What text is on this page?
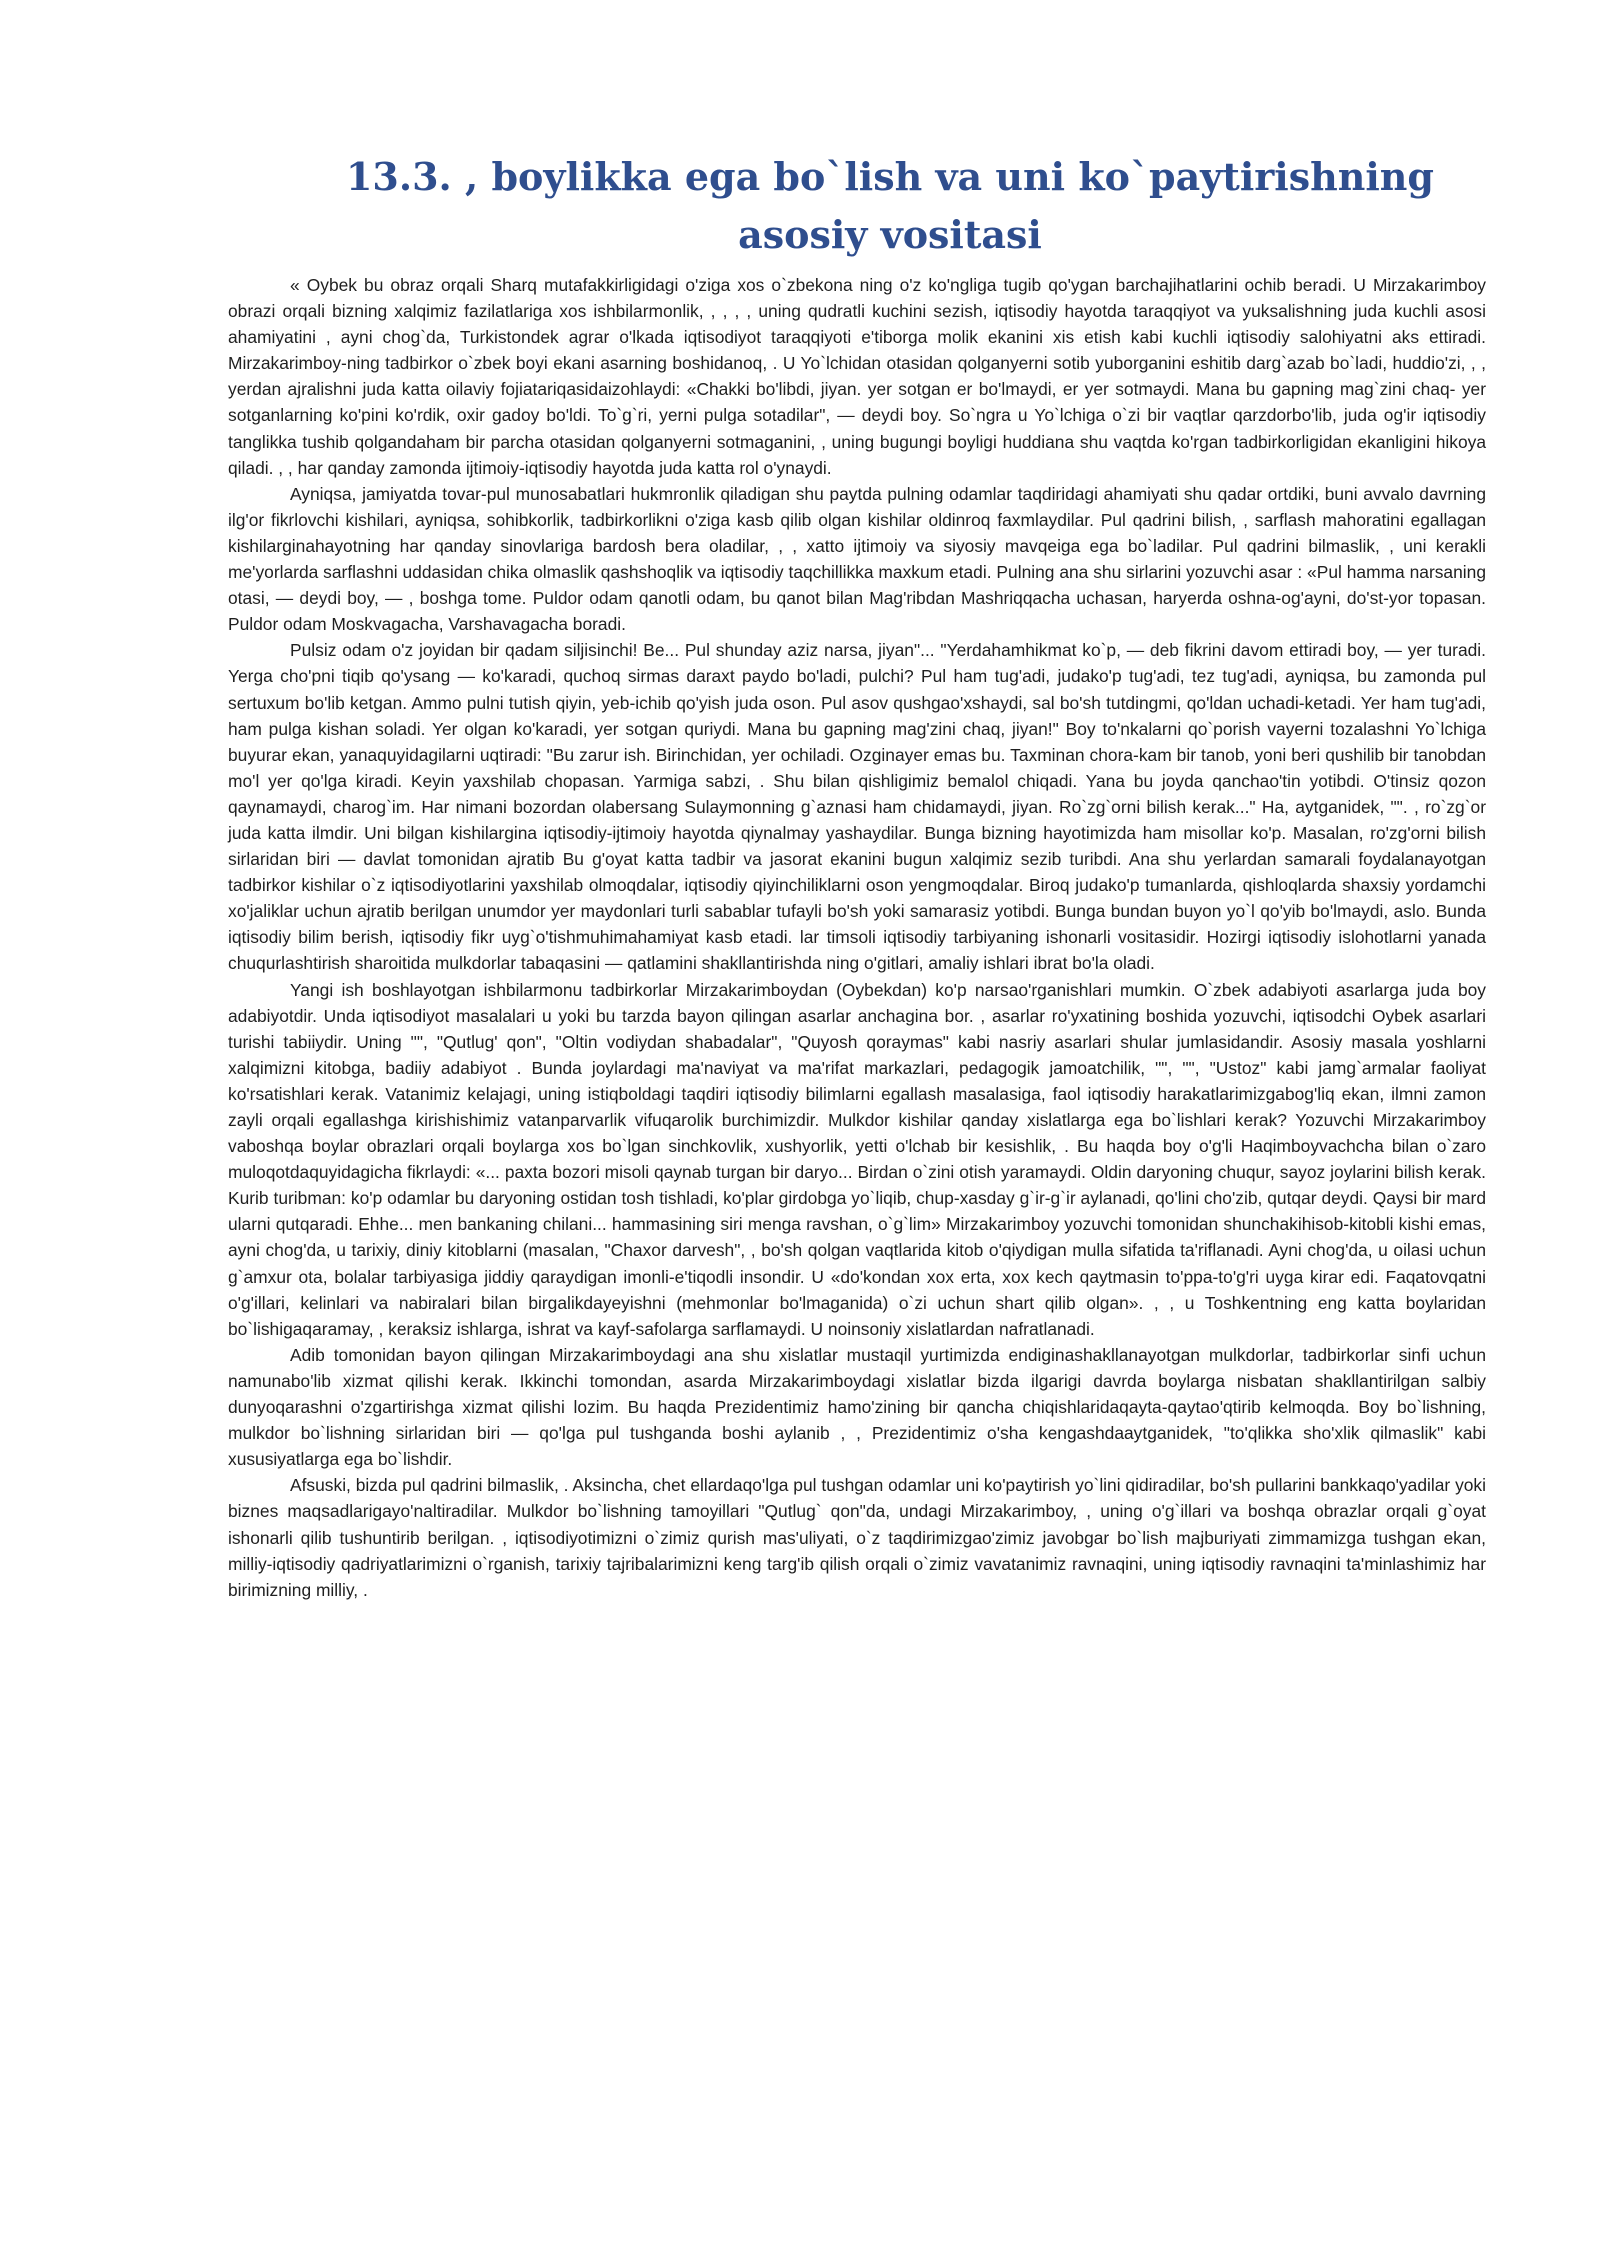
13.3. , boylikka ega bo`lish va uni ko`paytirishning asosiy vositasi

« Oybek bu obraz orqali Sharq mutafakkirligidagi o'ziga xos o`zbekona ning o'z ko'ngliga tugib qo'ygan barchajihatlarini ochib beradi. U Mirzakarimboy obrazi orqali bizning xalqimiz fazilatlariga xos ishbilarmonlik, , , , , uning qudratli kuchini sezish, iqtisodiy hayotda taraqqiyot va yuksalishning juda kuchli asosi ahamiyatini , ayni chog`da, Turkistondek agrar o'lkada iqtisodiyot taraqqiyoti e'tiborga molik ekanini xis etish kabi kuchli iqtisodiy salohiyatni aks ettiradi. Mirzakarimboy-ning tadbirkor o`zbek boyi ekani asarning boshidanoq, . U Yo`lchidan otasidan qolganyerni sotib yuborganini eshitib darg`azab bo`ladi, huddio'zi, , , yerdan ajralishni juda katta oilaviy fojiatariqasidaizohlaydi: «Chakki bo'libdi, jiyan. yer sotgan er bo'lmaydi, er yer sotmaydi. Mana bu gapning mag`zini chaq- yer sotganlarning ko'pini ko'rdik, oxir gadoy bo'ldi. To`g`ri, yerni pulga sotadilar", — deydi boy. So`ngra u Yo`lchiga o`zi bir vaqtlar qarzdorbo'lib, juda og'ir iqtisodiy tanglikka tushib qolgandaham bir parcha otasidan qolganyerni sotmaganini, , uning bugungi boyligi huddiana shu vaqtda ko'rgan tadbirkorligidan ekanligini hikoya qiladi. , , har qanday zamonda ijtimoiy-iqtisodiy hayotda juda katta rol o'ynaydi.

Ayniqsa, jamiyatda tovar-pul munosabatlari hukmronlik qiladigan shu paytda pulning odamlar taqdiridagi ahamiyati shu qadar ortdiki, buni avvalo davrning ilg'or fikrlovchi kishilari, ayniqsa, sohibkorlik, tadbirkorlikni o'ziga kasb qilib olgan kishilar oldinroq faxmlaydilar. Pul qadrini bilish, , sarflash mahoratini egallagan kishilarginahayotning har qanday sinovlariga bardosh bera oladilar, , , xatto ijtimoiy va siyosiy mavqeiga ega bo`ladilar. Pul qadrini bilmaslik, , uni kerakli me'yorlarda sarflashni uddasidan chika olmaslik qashshoqlik va iqtisodiy taqchillikka maxkum etadi. Pulning ana shu sirlarini yozuvchi asar : «Pul hamma narsaning otasi, — deydi boy, — , boshga tome. Puldor odam qanotli odam, bu qanot bilan Mag'ribdan Mashriqqacha uchasan, haryerda oshna-og'ayni, do'st-yor topasan. Puldor odam Moskvagacha, Varshavagacha boradi.

Pulsiz odam o'z joyidan bir qadam siljisinchi! Be... Pul shunday aziz narsa, jiyan"... "Yerdahamhikmat ko`p, — deb fikrini davom ettiradi boy, — yer turadi. Yerga cho'pni tiqib qo'ysang — ko'karadi, quchoq sirmas daraxt paydo bo'ladi, pulchi? Pul ham tug'adi, judako'p tug'adi, tez tug'adi, ayniqsa, bu zamonda pul sertuxum bo'lib ketgan. Ammo pulni tutish qiyin, yeb-ichib qo'yish juda oson. Pul asov qushgao'xshaydi, sal bo'sh tutdingmi, qo'ldan uchadi-ketadi. Yer ham tug'adi, ham pulga kishan soladi. Yer olgan ko'karadi, yer sotgan quriydi. Mana bu gapning mag'zini chaq, jiyan!" Boy to'nkalarni qo`porish vayerni tozalashni Yo`lchiga buyurar ekan, yanaquyidagilarni uqtiradi: "Bu zarur ish. Birinchidan, yer ochiladi. Ozginayer emas bu. Taxminan chora-kam bir tanob, yoni beri qushilib bir tanobdan mo'l yer qo'lga kiradi. Keyin yaxshilab chopasan. Yarmiga sabzi, . Shu bilan qishligimiz bemalol chiqadi. Yana bu joyda qanchao'tin yotibdi. O'tinsiz qozon qaynamaydi, charog`im. Har nimani bozordan olabersang Sulaymonning g`aznasi ham chidamaydi, jiyan. Ro`zg`orni bilish kerak..." Ha, aytganidek, "". , ro`zg`or juda katta ilmdir. Uni bilgan kishilargina iqtisodiy-ijtimoiy hayotda qiynalmay yashaydilar. Bunga bizning hayotimizda ham misollar ko'p. Masalan, ro'zg'orni bilish sirlaridan biri — davlat tomonidan ajratib Bu g'oyat katta tadbir va jasorat ekanini bugun xalqimiz sezib turibdi. Ana shu yerlardan samarali foydalanayotgan tadbirkor kishilar o`z iqtisodiyotlarini yaxshilab olmoqdalar, iqtisodiy qiyinchiliklarni oson yengmoqdalar. Biroq judako'p tumanlarda, qishloqlarda shaxsiy yordamchi xo'jaliklar uchun ajratib berilgan unumdor yer maydonlari turli sabablar tufayli bo'sh yoki samarasiz yotibdi. Bunga bundan buyon yo`l qo'yib bo'lmaydi, aslo. Bunda iqtisodiy bilim berish, iqtisodiy fikr uyg`o'tishmuhimahamiyat kasb etadi. lar timsoli iqtisodiy tarbiyaning ishonarli vositasidir. Hozirgi iqtisodiy islohotlarni yanada chuqurlashtirish sharoitida mulkdorlar tabaqasini — qatlamini shakllantirishda ning o'gitlari, amaliy ishlari ibrat bo'la oladi.

Yangi ish boshlayotgan ishbilarmonu tadbirkorlar Mirzakarimboydan (Oybekdan) ko'p narsao'rganishlari mumkin. O`zbek adabiyoti asarlarga juda boy adabiyotdir. Unda iqtisodiyot masalalari u yoki bu tarzda bayon qilingan asarlar anchagina bor. , asarlar ro'yxatining boshida yozuvchi, iqtisodchi Oybek asarlari turishi tabiiydir. Uning "", "Qutlug' qon", "Oltin vodiydan shabadalar", "Quyosh qoraymas" kabi nasriy asarlari shular jumlasidandir. Asosiy masala yoshlarni xalqimizni kitobga, badiiy adabiyot . Bunda joylardagi ma'naviyat va ma'rifat markazlari, pedagogik jamoatchilik, "", "", "Ustoz" kabi jamg`armalar faoliyat ko'rsatishlari kerak. Vatanimiz kelajagi, uning istiqboldagi taqdiri iqtisodiy bilimlarni egallash masalasiga, faol iqtisodiy harakatlarimizgabog'liq ekan, ilmni zamon zayli orqali egallashga kirishishimiz vatanparvarlik vifuqarolik burchimizdir. Mulkdor kishilar qanday xislatlarga ega bo`lishlari kerak? Yozuvchi Mirzakarimboy vaboshqa boylar obrazlari orqali boylarga xos bo`lgan sinchkovlik, xushyorlik, yetti o'lchab bir kesishlik, . Bu haqda boy o'g'li Haqimboyvachcha bilan o`zaro muloqotdaquyidagicha fikrlaydi: «... paxta bozori misoli qaynab turgan bir daryo... Birdan o`zini otish yaramaydi. Oldin daryoning chuqur, sayoz joylarini bilish kerak. Kurib turibman: ko'p odamlar bu daryoning ostidan tosh tishladi, ko'plar girdobga yo`liqib, chup-xasday g`ir-g`ir aylanadi, qo'lini cho'zib, qutqar deydi. Qaysi bir mard ularni qutqaradi. Ehhe... men bankaning chilani... hammasining siri menga ravshan, o`g`lim» Mirzakarimboy yozuvchi tomonidan shunchakihisob-kitobli kishi emas, ayni chog'da, u tarixiy, diniy kitoblarni (masalan, "Chaxor darvesh", , bo'sh qolgan vaqtlarida kitob o'qiydigan mulla sifatida ta'riflanadi. Ayni chog'da, u oilasi uchun g`amxur ota, bolalar tarbiyasiga jiddiy qaraydigan imonli-e'tiqodli insondir. U «do'kondan xox erta, xox kech qaytmasin to'ppa-to'g'ri uyga kirar edi. Faqatovqatni o'g'illari, kelinlari va nabiralari bilan birgalikdayeyishni (mehmonlar bo'lmaganida) o`zi uchun shart qilib olgan». , , u Toshkentning eng katta boylaridan bo`lishigaqaramay, , keraksiz ishlarga, ishrat va kayf-safolarga sarflamaydi. U noinsoniy xislatlardan nafratlanadi.

Adib tomonidan bayon qilingan Mirzakarimboydagi ana shu xislatlar mustaqil yurtimizda endiginashakllanayotgan mulkdorlar, tadbirkorlar sinfi uchun namunabo'lib xizmat qilishi kerak. Ikkinchi tomondan, asarda Mirzakarimboydagi xislatlar bizda ilgarigi davrda boylarga nisbatan shakllantirilgan salbiy dunyoqarashni o'zgartirishga xizmat qilishi lozim. Bu haqda Prezidentimiz hamo'zining bir qancha chiqishlaridaqayta-qaytao'qtirib kelmoqda. Boy bo`lishning, mulkdor bo`lishning sirlaridan biri — qo'lga pul tushganda boshi aylanib , , Prezidentimiz o'sha kengashdaaytganidek, "to'qlikka sho'xlik qilmaslik" kabi xususiyatlarga ega bo`lishdir.

Afsuski, bizda pul qadrini bilmaslik, . Aksincha, chet ellardaqo'lga pul tushgan odamlar uni ko'paytirish yo`lini qidiradilar, bo'sh pullarini bankkaqo'yadilar yoki biznes maqsadlarigayo'naltiradilar. Mulkdor bo`lishning tamoyillari "Qutlug` qon"da, undagi Mirzakarimboy, , uning o'g`illari va boshqa obrazlar orqali g`oyat ishonarli qilib tushuntirib berilgan. , iqtisodiyotimizni o`zimiz qurish mas'uliyati, o`z taqdirimizgao'zimiz javobgar bo`lish majburiyati zimmamizga tushgan ekan, milliy-iqtisodiy qadriyatlarimizni o`rganish, tarixiy tajribalarimizni keng targ'ib qilish orqali o`zimiz vavatanimiz ravnaqini, uning iqtisodiy ravnaqini ta'minlashimiz har birimizning milliy, .
